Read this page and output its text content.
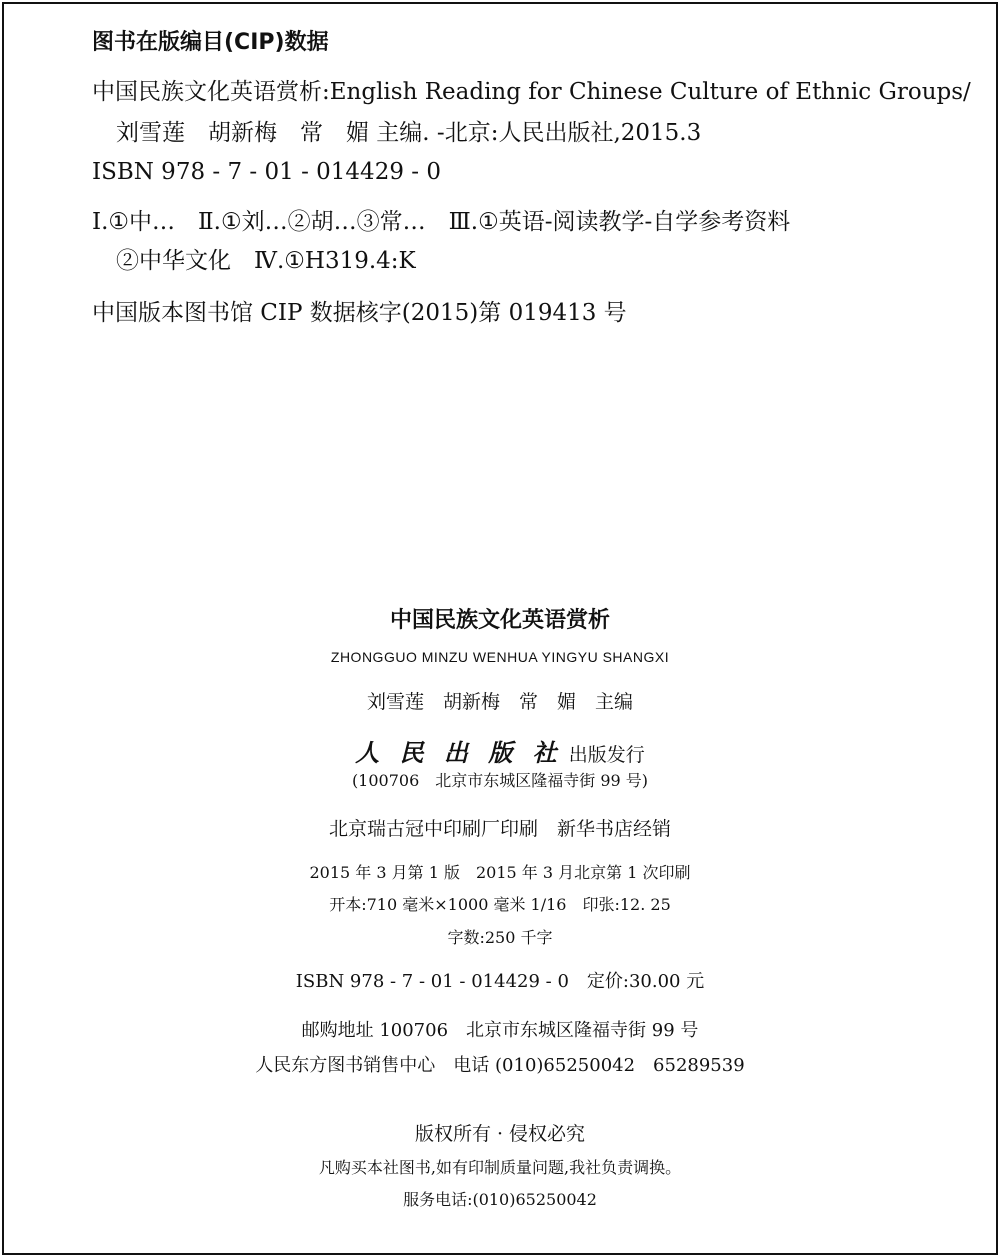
图书在版编目(CIP)数据
中国民族文化英语赏析:English Reading for Chinese Culture of Ethnic Groups/
刘雪莲　胡新梅　常　媚 主编. -北京:人民出版社,2015.3
ISBN 978 - 7 - 01 - 014429 - 0
Ⅰ.①中…　Ⅱ.①刘…②胡…③常…　Ⅲ.①英语-阅读教学-自学参考资料
②中华文化　Ⅳ.①H319.4:K
中国版本图书馆 CIP 数据核字(2015)第 019413 号
中国民族文化英语赏析
ZHONGGUO MINZU WENHUA YINGYU SHANGXI
刘雪莲　胡新梅　常　媚　主编
人 民 出 版 社 出版发行
(100706　北京市东城区隆福寺街 99 号)
北京瑞古冠中印刷厂印刷　新华书店经销
2015 年 3 月第 1 版　2015 年 3 月北京第 1 次印刷
开本:710 毫米×1000 毫米 1/16　印张:12. 25
字数:250 千字
ISBN 978 - 7 - 01 - 014429 - 0　定价:30.00 元
邮购地址 100706　北京市东城区隆福寺街 99 号
人民东方图书销售中心　电话 (010)65250042　65289539
版权所有 · 侵权必究
凡购买本社图书,如有印制质量问题,我社负责调换。
服务电话:(010)65250042
